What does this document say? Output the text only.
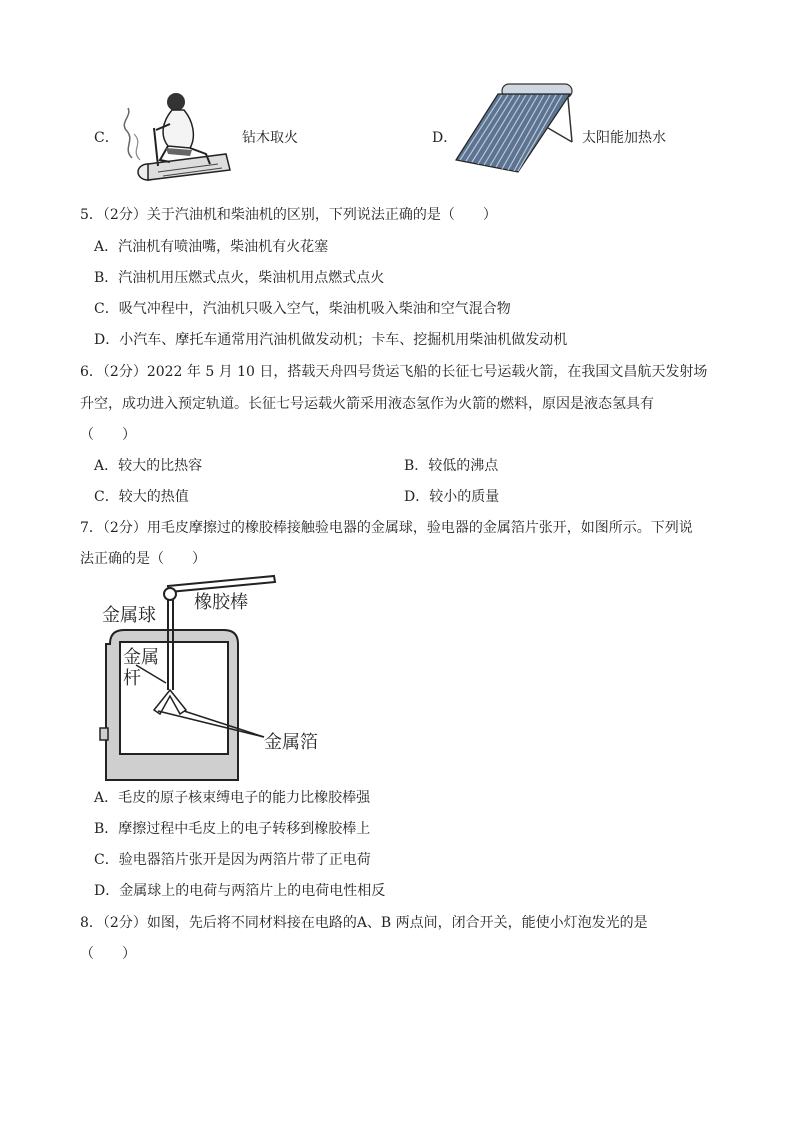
C．	钻木取火	D．	太阳能加热水
5．（2分）关于汽油机和柴油机的区别，下列说法正确的是（　　）
A．汽油机有喷油嘴，柴油机有火花塞
B．汽油机用压燃式点火，柴油机用点燃式点火
C．吸气冲程中，汽油机只吸入空气，柴油机吸入柴油和空气混合物
D．小汽车、摩托车通常用汽油机做发动机；卡车、挖掘机用柴油机做发动机
6．（2分）2022 年 5 月 10 日，搭载天舟四号货运飞船的长征七号运载火箭，在我国文昌航天发射场
升空，成功进入预定轨道。长征七号运载火箭采用液态氢作为火箭的燃料，原因是液态氢具有
（　　）
A．较大的比热容	B．较低的沸点
C．较大的热值	D．较小的质量
7．（2分）用毛皮摩擦过的橡胶棒接触验电器的金属球，验电器的金属箔片张开，如图所示。下列说
法正确的是（　　）
金属球
橡胶棒
金属
杆
金属箔
A．毛皮的原子核束缚电子的能力比橡胶棒强
B．摩擦过程中毛皮上的电子转移到橡胶棒上
C．验电器箔片张开是因为两箔片带了正电荷
D．金属球上的电荷与两箔片上的电荷电性相反
8．（2分）如图，先后将不同材料接在电路的A、B 两点间，闭合开关，能使小灯泡发光的是
（　　）
